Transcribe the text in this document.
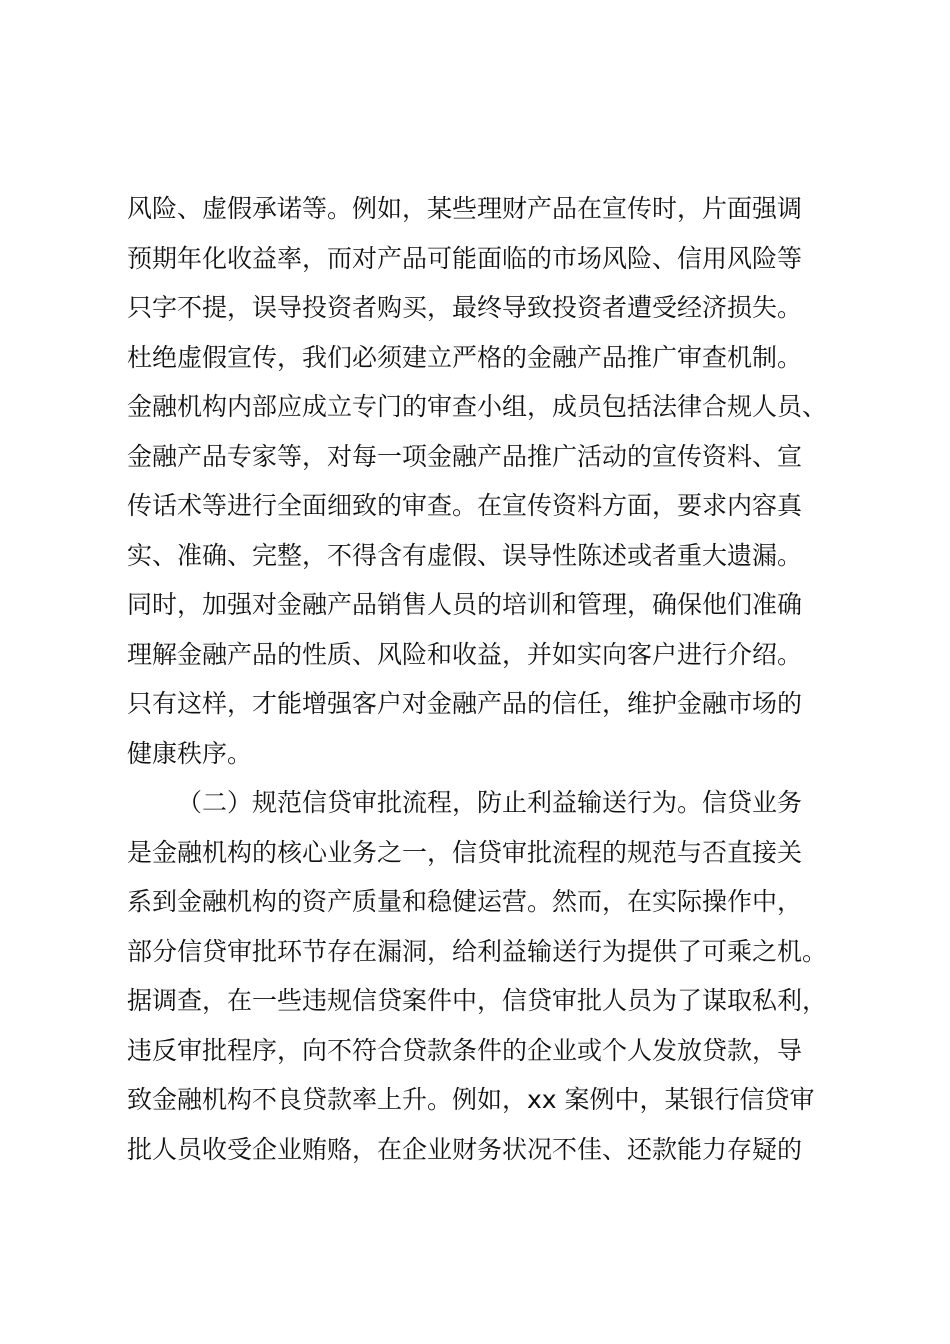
风险、虚假承诺等。例如，某些理财产品在宣传时，片面强调
预期年化收益率，而对产品可能面临的市场风险、信用风险等
只字不提，误导投资者购买，最终导致投资者遭受经济损失。
杜绝虚假宣传，我们必须建立严格的金融产品推广审查机制。
金融机构内部应成立专门的审查小组，成员包括法律合规人员、
金融产品专家等，对每一项金融产品推广活动的宣传资料、宣
传话术等进行全面细致的审查。在宣传资料方面，要求内容真
实、准确、完整，不得含有虚假、误导性陈述或者重大遗漏。
同时，加强对金融产品销售人员的培训和管理，确保他们准确
理解金融产品的性质、风险和收益，并如实向客户进行介绍。
只有这样，才能增强客户对金融产品的信任，维护金融市场的
健康秩序。
（二）规范信贷审批流程，防止利益输送行为。信贷业务
是金融机构的核心业务之一，信贷审批流程的规范与否直接关
系到金融机构的资产质量和稳健运营。然而，在实际操作中，
部分信贷审批环节存在漏洞，给利益输送行为提供了可乘之机。
据调查，在一些违规信贷案件中，信贷审批人员为了谋取私利，
违反审批程序，向不符合贷款条件的企业或个人发放贷款，导
致金融机构不良贷款率上升。例如，xx 案例中，某银行信贷审
批人员收受企业贿赂，在企业财务状况不佳、还款能力存疑的
